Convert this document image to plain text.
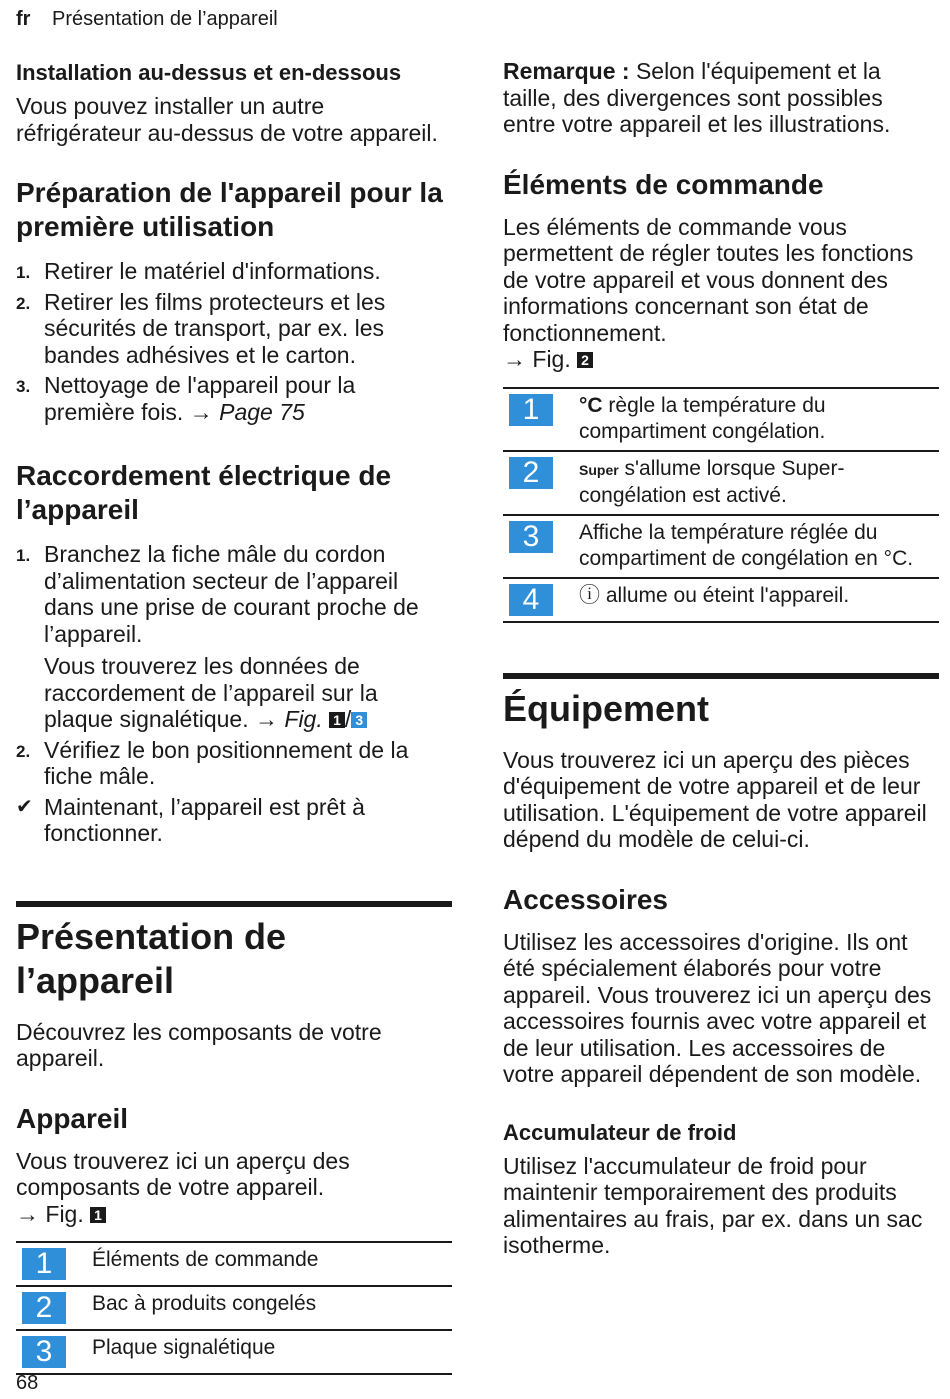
fr Présentation de l’appareil
Installation au-dessus et en-dessous

Vous pouvez installer un autre réfrigérateur au-dessus de votre appareil.

Préparation de l'appareil pour la première utilisation
1. Retirer le matériel d'informations.
2. Retirer les films protecteurs et les sécurités de transport, par ex. les bandes adhésives et le carton.
3. Nettoyage de l'appareil pour la première fois. → Page 75
Raccordement électrique de l’appareil
1. Branchez la fiche mâle du cordon d’alimentation secteur de l’appareil dans une prise de courant proche de l’appareil.
Vous trouverez les données de raccordement de l’appareil sur la plaque signalétique. → Fig. 1 / 3
2. Vérifiez le bon positionnement de la fiche mâle.
✔ Maintenant, l’appareil est prêt à fonctionner.
Présentation de l’appareil

Découvrez les composants de votre appareil.

Appareil

Vous trouverez ici un aperçu des composants de votre appareil.

→ Fig. 1

1	Éléments de commande

2	Bac à produits congelés

3	Plaque signalétique

Remarque : Selon l'équipement et la taille, des divergences sont possibles entre votre appareil et les illustrations.

Éléments de commande

Les éléments de commande vous permettent de régler toutes les fonctions de votre appareil et vous donnent des informations concernant son état de fonctionnement.

→ Fig. 2

1	°C règle la température du compartiment congélation.

2	Super s'allume lorsque Super-congélation est activé.

3	Affiche la température réglée du compartiment de congélation en °C.

4	ⓘ allume ou éteint l'appareil.
Équipement

Vous trouverez ici un aperçu des pièces d'équipement de votre appareil et de leur utilisation. L'équipement de votre appareil dépend du modèle de celui-ci.

Accessoires

Utilisez les accessoires d'origine. Ils ont été spécialement élaborés pour votre appareil. Vous trouverez ici un aperçu des accessoires fournis avec votre appareil et de leur utilisation. Les accessoires de votre appareil dépendent de son modèle.

Accumulateur de froid

Utilisez l'accumulateur de froid pour maintenir temporairement des produits alimentaires au frais, par ex. dans un sac isotherme.

68
